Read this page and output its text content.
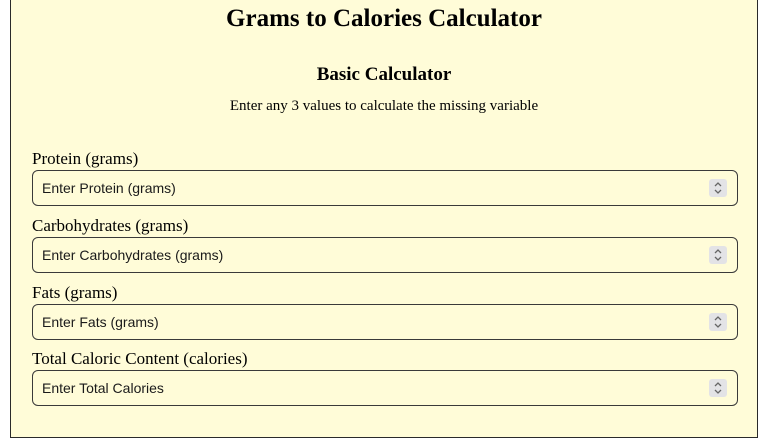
Grams to Calories Calculator
Basic Calculator
Enter any 3 values to calculate the missing variable
Protein (grams)
Enter Protein (grams)
Carbohydrates (grams)
Enter Carbohydrates (grams)
Fats (grams)
Enter Fats (grams)
Total Caloric Content (calories)
Enter Total Calories
